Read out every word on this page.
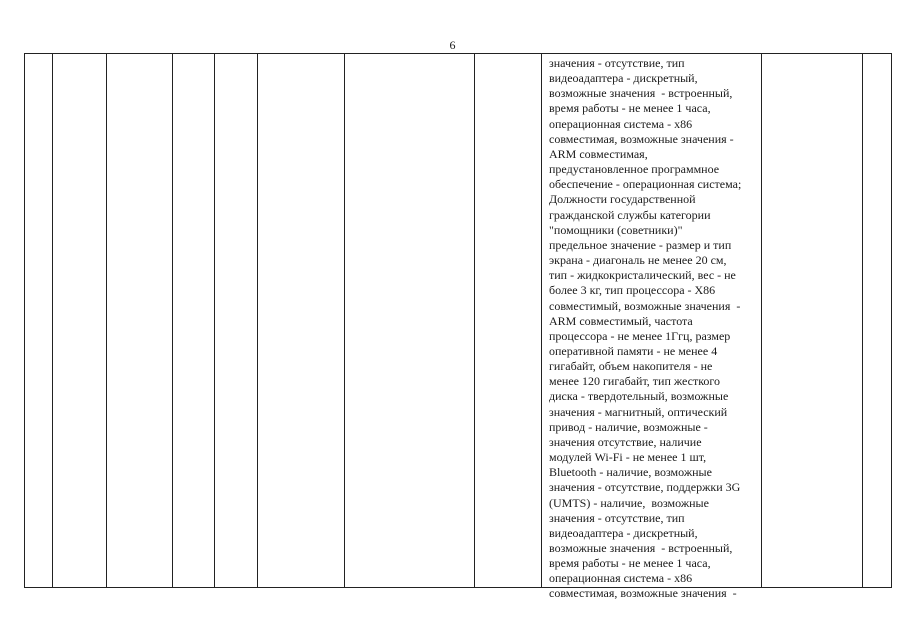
6

значения - отсутствие, тип
видеоадаптера - дискретный,
возможные значения  - встроенный,
время работы - не менее 1 часа,
операционная система - x86
совместимая, возможные значения -
ARM совместимая,
предустановленное программное
обеспечение - операционная система;
Должности государственной
гражданской службы категории
"помощники (советники)"
предельное значение - размер и тип
экрана - диагональ не менее 20 см,
тип - жидкокристалический, вес - не
более 3 кг, тип процессора - X86
совместимый, возможные значения  -
ARM совместимый, частота
процессора - не менее 1Ггц, размер
оперативной памяти - не менее 4
гигабайт, объем накопителя - не
менее 120 гигабайт, тип жесткого
диска - твердотельный, возможные
значения - магнитный, оптический
привод - наличие, возможные -
значения отсутствие, наличие
модулей Wi-Fi - не менее 1 шт,
Bluetooth - наличие, возможные
значения - отсутствие, поддержки 3G
(UMTS) - наличие,  возможные
значения - отсутствие, тип
видеоадаптера - дискретный,
возможные значения  - встроенный,
время работы - не менее 1 часа,
операционная система - x86
совместимая, возможные значения  -
